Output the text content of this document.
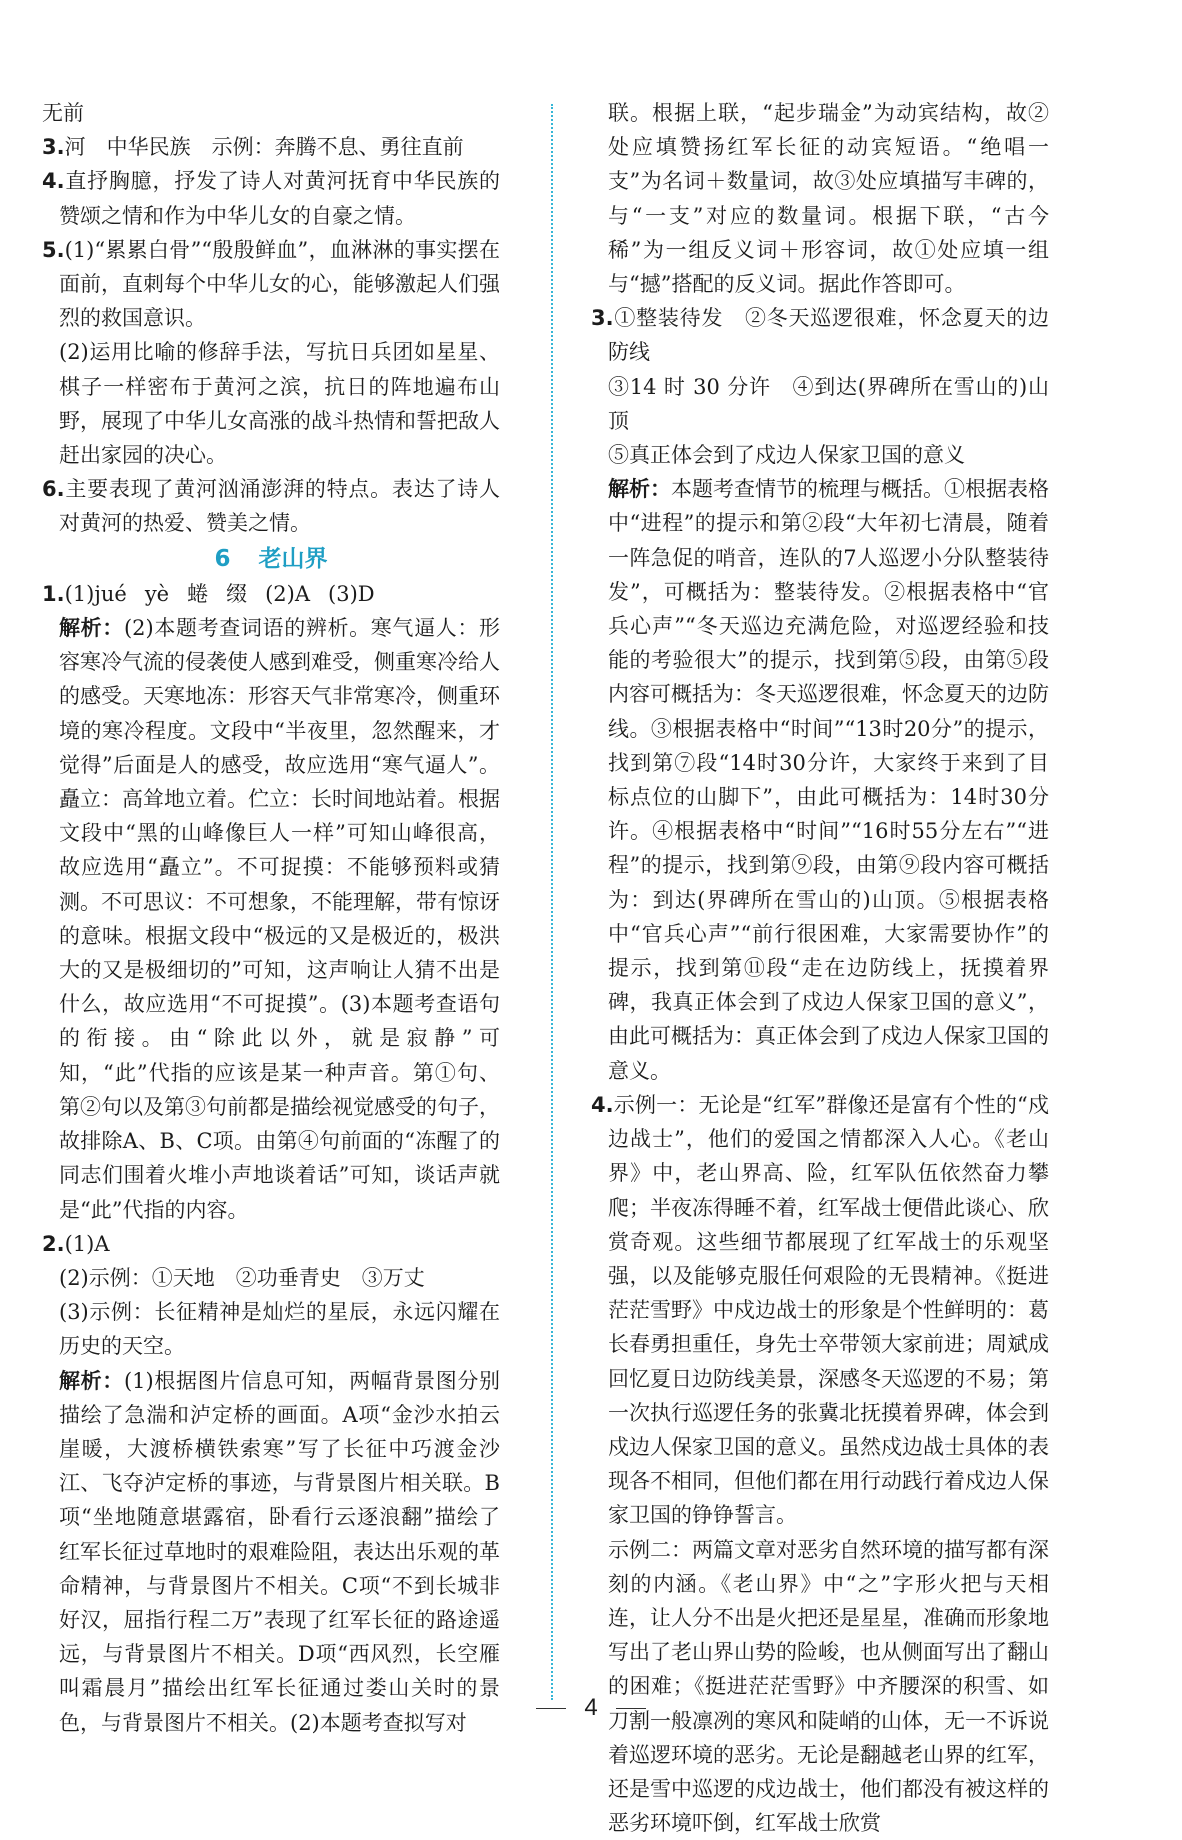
无前

3.河　中华民族　示例：奔腾不息、勇往直前

4.直抒胸臆，抒发了诗人对黄河抚育中华民族的赞颂之情和作为中华儿女的自豪之情。

5.(1)“累累白骨”“殷殷鲜血”，血淋淋的事实摆在面前，直刺每个中华儿女的心，能够激起人们强烈的救国意识。

(2)运用比喻的修辞手法，写抗日兵团如星星、棋子一样密布于黄河之滨，抗日的阵地遍布山野，展现了中华儿女高涨的战斗热情和誓把敌人赶出家园的决心。

6.主要表现了黄河汹涌澎湃的特点。表达了诗人对黄河的热爱、赞美之情。

6 老山界

1.(1)jué yè 蜷 缀 (2)A (3)D

解析：(2)本题考查词语的辨析。寒气逼人：形容寒冷气流的侵袭使人感到难受，侧重寒冷给人的感受。天寒地冻：形容天气非常寒冷，侧重环境的寒冷程度。文段中“半夜里，忽然醒来，才觉得”后面是人的感受，故应选用“寒气逼人”。矗立：高耸地立着。伫立：长时间地站着。根据文段中“黑的山峰像巨人一样”可知山峰很高，故应选用“矗立”。不可捉摸：不能够预料或猜测。不可思议：不可想象，不能理解，带有惊讶的意味。根据文段中“极远的又是极近的，极洪大的又是极细切的”可知，这声响让人猜不出是什么，故应选用“不可捉摸”。(3)本题考查语句的衔接。由“除此以外，就是寂静”可知，“此”代指的应该是某一种声音。第①句、第②句以及第③句前都是描绘视觉感受的句子，故排除A、B、C项。由第④句前面的“冻醒了的同志们围着火堆小声地谈着话”可知，谈话声就是“此”代指的内容。

2.(1)A

(2)示例：①天地　②功垂青史　③万丈

(3)示例：长征精神是灿烂的星辰，永远闪耀在历史的天空。

解析：(1)根据图片信息可知，两幅背景图分别描绘了急湍和泸定桥的画面。A项“金沙水拍云崖暖，大渡桥横铁索寒”写了长征中巧渡金沙江、飞夺泸定桥的事迹，与背景图片相关联。B项“坐地随意堪露宿，卧看行云逐浪翻”描绘了红军长征过草地时的艰难险阻，表达出乐观的革命精神，与背景图片不相关。C项“不到长城非好汉，屈指行程二万”表现了红军长征的路途遥远，与背景图片不相关。D项“西风烈，长空雁叫霜晨月”描绘出红军长征通过娄山关时的景色，与背景图片不相关。(2)本题考查拟写对

联。根据上联，“起步瑞金”为动宾结构，故②处应填赞扬红军长征的动宾短语。“绝唱一支”为名词＋数量词，故③处应填描写丰碑的，与“一支”对应的数量词。根据下联，“古今稀”为一组反义词＋形容词，故①处应填一组与“撼”搭配的反义词。据此作答即可。

3.①整装待发　②冬天巡逻很难，怀念夏天的边防线

③14 时 30 分许　④到达(界碑所在雪山的)山顶

⑤真正体会到了戍边人保家卫国的意义

解析：本题考查情节的梳理与概括。①根据表格中“进程”的提示和第②段“大年初七清晨，随着一阵急促的哨音，连队的7人巡逻小分队整装待发”，可概括为：整装待发。②根据表格中“官兵心声”“冬天巡边充满危险，对巡逻经验和技能的考验很大”的提示，找到第⑤段，由第⑤段内容可概括为：冬天巡逻很难，怀念夏天的边防线。③根据表格中“时间”“13时20分”的提示，找到第⑦段“14时30分许，大家终于来到了目标点位的山脚下”，由此可概括为：14时30分许。④根据表格中“时间”“16时55分左右”“进程”的提示，找到第⑨段，由第⑨段内容可概括为：到达(界碑所在雪山的)山顶。⑤根据表格中“官兵心声”“前行很困难，大家需要协作”的提示，找到第⑪段“走在边防线上，抚摸着界碑，我真正体会到了戍边人保家卫国的意义”，由此可概括为：真正体会到了戍边人保家卫国的意义。

4.示例一：无论是“红军”群像还是富有个性的“戍边战士”，他们的爱国之情都深入人心。《老山界》中，老山界高、险，红军队伍依然奋力攀爬；半夜冻得睡不着，红军战士便借此谈心、欣赏奇观。这些细节都展现了红军战士的乐观坚强，以及能够克服任何艰险的无畏精神。《挺进茫茫雪野》中戍边战士的形象是个性鲜明的：葛长春勇担重任，身先士卒带领大家前进；周斌成回忆夏日边防线美景，深感冬天巡逻的不易；第一次执行巡逻任务的张冀北抚摸着界碑，体会到戍边人保家卫国的意义。虽然戍边战士具体的表现各不相同，但他们都在用行动践行着戍边人保家卫国的铮铮誓言。

示例二：两篇文章对恶劣自然环境的描写都有深刻的内涵。《老山界》中“之”字形火把与天相连，让人分不出是火把还是星星，准确而形象地写出了老山界山势的险峻，也从侧面写出了翻山的困难；《挺进茫茫雪野》中齐腰深的积雪、如刀割一般凛冽的寒风和陡峭的山体，无一不诉说着巡逻环境的恶劣。无论是翻越老山界的红军，还是雪中巡逻的戍边战士，他们都没有被这样的恶劣环境吓倒，红军战士欣赏

4
